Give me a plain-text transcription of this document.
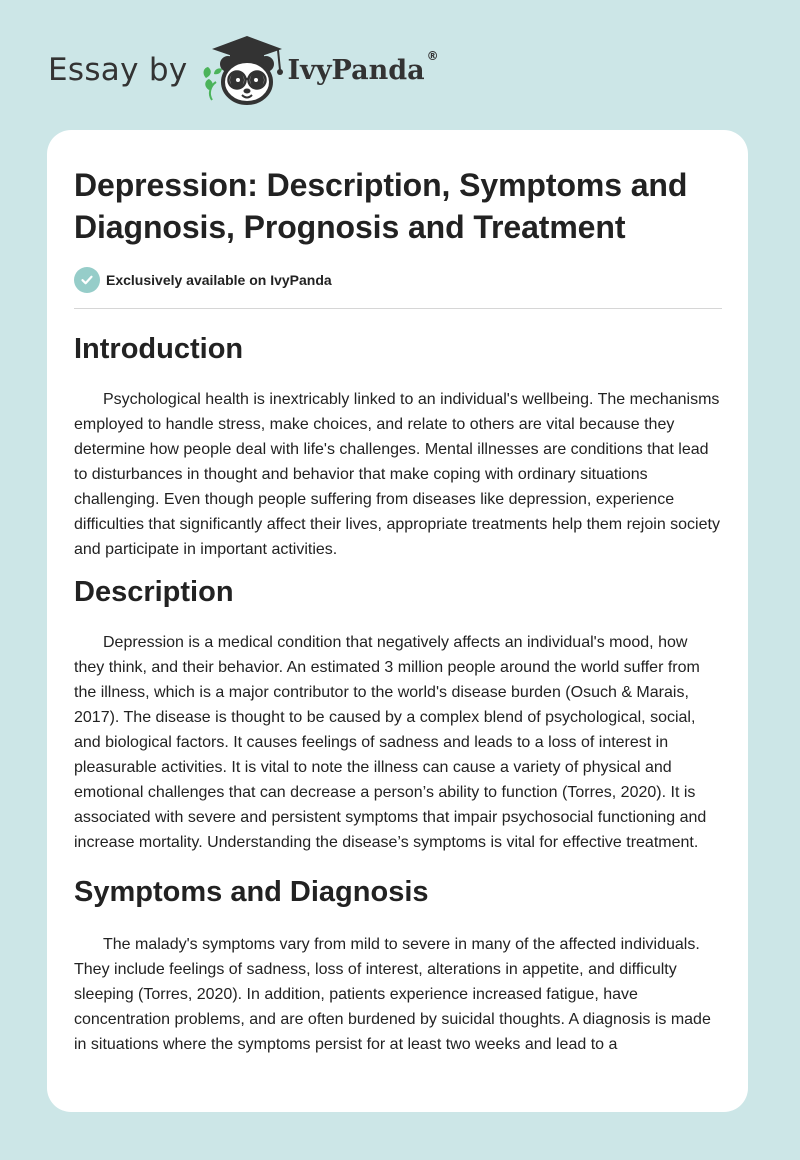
Essay by	IvyPanda ®
Depression: Description, Symptoms and Diagnosis, Prognosis and Treatment
Exclusively available on IvyPanda
Introduction

Psychological health is inextricably linked to an individual's wellbeing. The mechanisms employed to handle stress, make choices, and relate to others are vital because they determine how people deal with life's challenges. Mental illnesses are conditions that lead to disturbances in thought and behavior that make coping with ordinary situations challenging. Even though people suffering from diseases like depression, experience difficulties that significantly affect their lives, appropriate treatments help them rejoin society and participate in important activities.

Description

Depression is a medical condition that negatively affects an individual's mood, how they think, and their behavior. An estimated 3 million people around the world suffer from the illness, which is a major contributor to the world's disease burden (Osuch & Marais, 2017). The disease is thought to be caused by a complex blend of psychological, social, and biological factors. It causes feelings of sadness and leads to a loss of interest in pleasurable activities. It is vital to note the illness can cause a variety of physical and emotional challenges that can decrease a person’s ability to function (Torres, 2020). It is associated with severe and persistent symptoms that impair psychosocial functioning and increase mortality. Understanding the disease’s symptoms is vital for effective treatment.

Symptoms and Diagnosis

The malady's symptoms vary from mild to severe in many of the affected individuals. They include feelings of sadness, loss of interest, alterations in appetite, and difficulty sleeping (Torres, 2020). In addition, patients experience increased fatigue, have concentration problems, and are often burdened by suicidal thoughts. A diagnosis is made in situations where the symptoms persist for at least two weeks and lead to a
